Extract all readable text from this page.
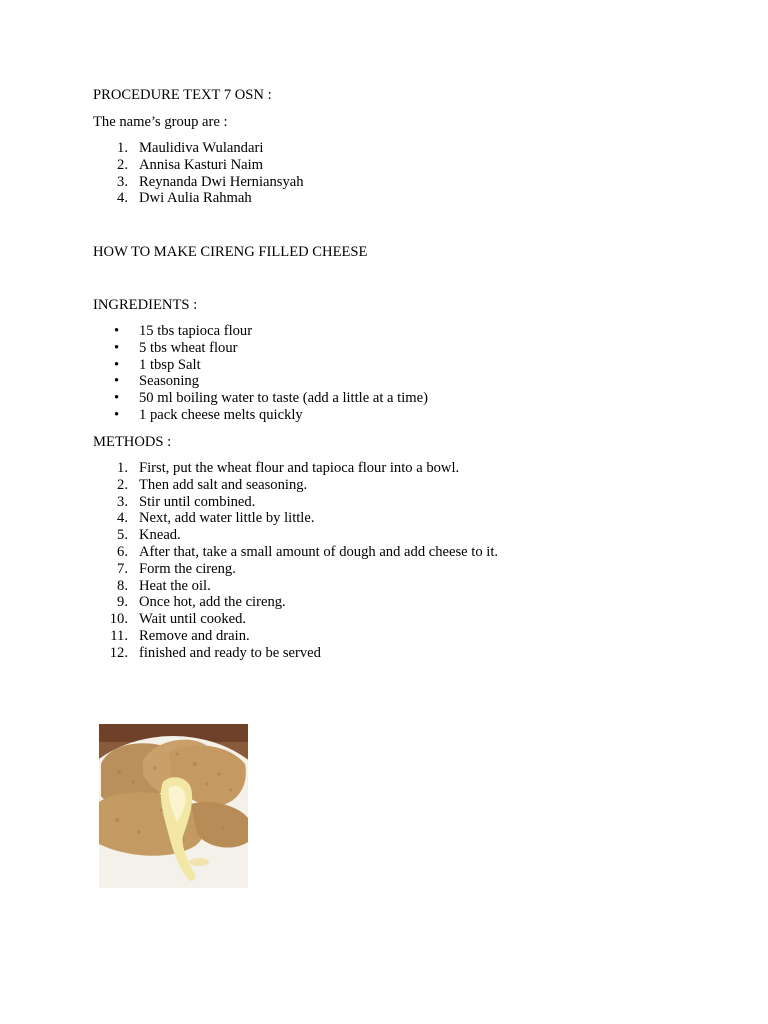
PROCEDURE TEXT 7 OSN :

The name’s group are :

1. Maulidiva Wulandari
2. Annisa Kasturi Naim
3. Reynanda Dwi Herniansyah
4. Dwi Aulia Rahmah

HOW TO MAKE CIRENG FILLED CHEESE

INGREDIENTS :

• 15 tbs tapioca flour
• 5 tbs wheat flour
• 1 tbsp Salt
• Seasoning
• 50 ml boiling water to taste (add a little at a time)
• 1 pack cheese melts quickly

METHODS :

1. First, put the wheat flour and tapioca flour into a bowl.
2. Then add salt and seasoning.
3. Stir until combined.
4. Next, add water little by little.
5. Knead.
6. After that, take a small amount of dough and add cheese to it.
7. Form the cireng.
8. Heat the oil.
9. Once hot, add the cireng.
10. Wait until cooked.
11. Remove and drain.
12. finished and ready to be served
